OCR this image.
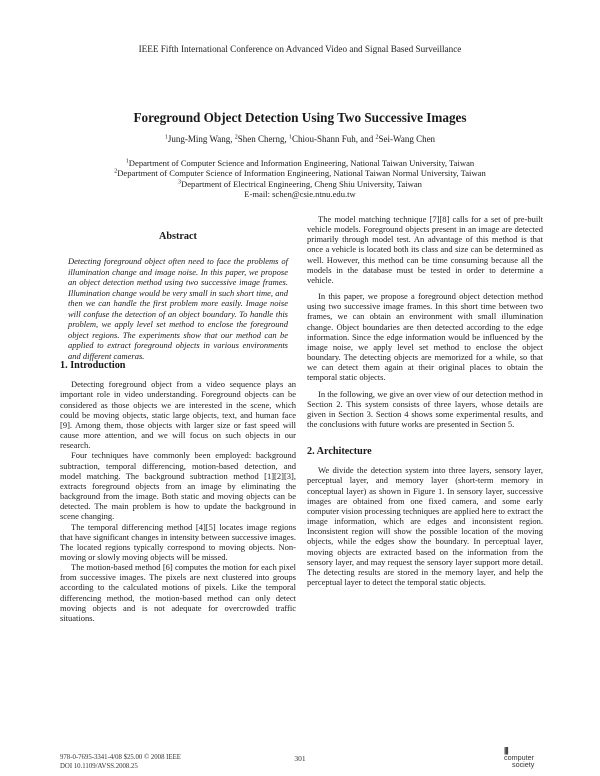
IEEE Fifth International Conference on Advanced Video and Signal Based Surveillance
Foreground Object Detection Using Two Successive Images
$^1$Jung-Ming Wang, $^2$Shen Cherng, $^1$Chiou-Shann Fuh, and $^2$Sei-Wang Chen
$^1$Department of Computer Science and Information Engineering, National Taiwan University, Taiwan
$^2$Department of Computer Science of Information Engineering, National Taiwan Normal University, Taiwan
$^3$Department of Electrical Engineering, Cheng Shiu University, Taiwan
E-mail: schen@csie.ntnu.edu.tw
Abstract

Detecting foreground object often need to face the problems of illumination change and image noise. In this paper, we propose an object detection method using two successive image frames. Illumination change would be very small in such short time, and then we can handle the first problem more easily. Image noise will confuse the detection of an object boundary. To handle this problem, we apply level set method to enclose the foreground object regions. The experiments show that our method can be applied to extract foreground objects in various environments and different cameras.

1. Introduction

Detecting foreground object from a video sequence plays an important role in video understanding. Foreground objects can be considered as those objects we are interested in the scene, which could be moving objects, static large objects, text, and human face [9]. Among them, those objects with larger size or fast speed will cause more attention, and we will focus on such objects in our research.

Four techniques have commonly been employed: background subtraction, temporal differencing, motion-based detection, and model matching. The background subtraction method [1][2][3], extracts foreground objects from an image by eliminating the background from the image. Both static and moving objects can be detected. The main problem is how to update the background in scene changing.

The temporal differencing method [4][5] locates image regions that have significant changes in intensity between successive images. The located regions typically correspond to moving objects. Non-moving or slowly moving objects will be missed.

The motion-based method [6] computes the motion for each pixel from successive images. The pixels are next clustered into groups according to the calculated motions of pixels. Like the temporal differencing method, the motion-based method can only detect moving objects and is not adequate for overcrowded traffic situations.

The model matching technique [7][8] calls for a set of pre-built vehicle models. Foreground objects present in an image are detected primarily through model test. An advantage of this method is that once a vehicle is located both its class and size can be determined as well. However, this method can be time consuming because all the models in the database must be tested in order to determine a vehicle.

In this paper, we propose a foreground object detection method using two successive image frames. In this short time between two frames, we can obtain an environment with small illumination change. Object boundaries are then detected according to the edge information. Since the edge information would be influenced by the image noise, we apply level set method to enclose the object boundary. The detecting objects are memorized for a while, so that we can detect them again at their original places to obtain the temporal static objects.

In the following, we give an over view of our detection method in Section 2. This system consists of three layers, whose details are given in Section 3. Section 4 shows some experimental results, and the conclusions with future works are presented in Section 5.

2. Architecture

We divide the detection system into three layers, sensory layer, perceptual layer, and memory layer (short-term memory in conceptual layer) as shown in Figure 1. In sensory layer, successive images are obtained from one fixed camera, and some early computer vision processing techniques are applied here to extract the image information, which are edges and inconsistent region. Inconsistent region will show the possible location of the moving objects, while the edges show the boundary. In perceptual layer, moving objects are extracted based on the information from the sensory layer, and may request the sensory layer support more detail. The detecting results are stored in the memory layer, and help the perceptual layer to detect the temporal static objects.

978-0-7695-3341-4/08 $25.00 © 2008 IEEE
DOI 10.1109/AVSS.2008.25
301
|||
computer
society
